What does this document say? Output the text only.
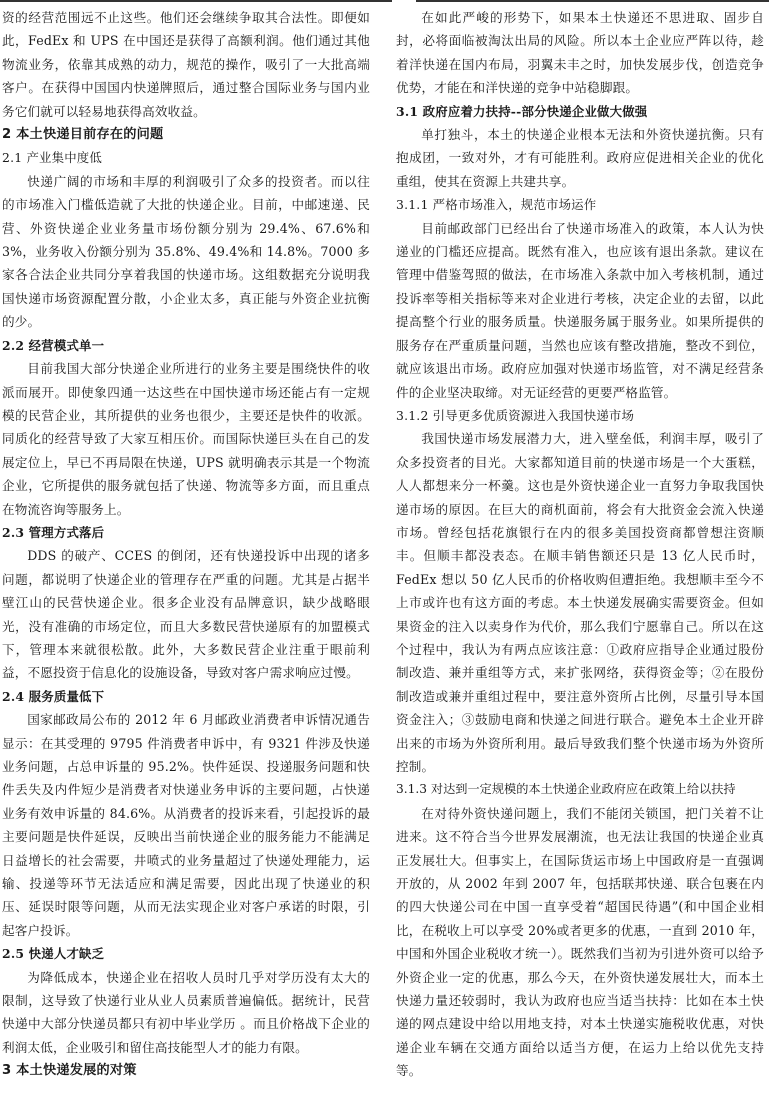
资的经营范围远不止这些。他们还会继续争取其合法性。即便如此，FedEx 和 UPS 在中国还是获得了高额利润。他们通过其他物流业务，依靠其成熟的动力，规范的操作，吸引了一大批高端客户。在获得中国国内快递牌照后，通过整合国际业务与国内业务它们就可以轻易地获得高效收益。

2 本土快递目前存在的问题

2.1 产业集中度低

快递广阔的市场和丰厚的利润吸引了众多的投资者。而以往的市场准入门槛低造就了大批的快递企业。目前，中邮速递、民营、外资快递企业业务量市场份额分别为 29.4%、67.6%和 3%，业务收入份额分别为 35.8%、49.4%和 14.8%。7000 多家各合法企业共同分享着我国的快递市场。这组数据充分说明我国快递市场资源配置分散，小企业太多，真正能与外资企业抗衡的少。

2.2 经营模式单一

目前我国大部分快递企业所进行的业务主要是围绕快件的收派而展开。即使象四通一达这些在中国快递市场还能占有一定规模的民营企业，其所提供的业务也很少，主要还是快件的收派。同质化的经营导致了大家互相压价。而国际快递巨头在自己的发展定位上，早已不再局限在快递，UPS 就明确表示其是一个物流企业，它所提供的服务就包括了快递、物流等多方面，而且重点在物流咨询等服务上。

2.3 管理方式落后

DDS 的破产、CCES 的倒闭，还有快递投诉中出现的诸多问题，都说明了快递企业的管理存在严重的问题。尤其是占据半壁江山的民营快递企业。很多企业没有品牌意识，缺少战略眼光，没有准确的市场定位，而且大多数民营快递原有的加盟模式下，管理本来就很松散。此外，大多数民营企业注重于眼前利益，不愿投资于信息化的设施设备，导致对客户需求响应过慢。

2.4 服务质量低下

国家邮政局公布的 2012 年 6 月邮政业消费者申诉情况通告显示：在其受理的 9795 件消费者申诉中，有 9321 件涉及快递业务问题，占总申诉量的 95.2%。快件延误、投递服务问题和快件丢失及内件短少是消费者对快递业务申诉的主要问题，占快递业务有效申诉量的 84.6%。从消费者的投诉来看，引起投诉的最主要问题是快件延误，反映出当前快递企业的服务能力不能满足日益增长的社会需要，井喷式的业务量超过了快递处理能力，运输、投递等环节无法适应和满足需要，因此出现了快递业的积压、延误时限等问题，从而无法实现企业对客户承诺的时限，引起客户投诉。

2.5 快递人才缺乏

为降低成本，快递企业在招收人员时几乎对学历没有太大的限制，这导致了快递行业从业人员素质普遍偏低。据统计，民营快递中大部分快递员都只有初中毕业学历 。而且价格战下企业的利润太低，企业吸引和留住高技能型人才的能力有限。

3 本土快递发展的对策

在如此严峻的形势下，如果本土快递还不思进取、固步自封，必将面临被淘汰出局的风险。所以本土企业应严阵以待，趁着洋快递在国内布局，羽翼未丰之时，加快发展步伐，创造竞争优势，才能在和洋快递的竞争中站稳脚跟。

3.1 政府应着力扶持--部分快递企业做大做强

单打独斗，本土的快递企业根本无法和外资快递抗衡。只有抱成团，一致对外，才有可能胜利。政府应促进相关企业的优化重组，使其在资源上共建共享。

3.1.1 严格市场准入，规范市场运作

目前邮政部门已经出台了快递市场准入的政策，本人认为快递业的门槛还应提高。既然有准入，也应该有退出条款。建议在管理中借鉴驾照的做法，在市场准入条款中加入考核机制，通过投诉率等相关指标等来对企业进行考核，决定企业的去留，以此提高整个行业的服务质量。快递服务属于服务业。如果所提供的服务存在严重质量问题，当然也应该有整改措施，整改不到位，就应该退出市场。政府应加强对快递市场监管，对不满足经营条件的企业坚决取缔。对无证经营的更要严格监管。

3.1.2 引导更多优质资源进入我国快递市场

我国快递市场发展潜力大，进入壁垒低，利润丰厚，吸引了众多投资者的目光。大家都知道目前的快递市场是一个大蛋糕，人人都想来分一杯羹。这也是外资快递企业一直努力争取我国快递市场的原因。在巨大的商机面前，将会有大批资金会流入快递市场。曾经包括花旗银行在内的很多美国投资商都曾想注资顺丰。但顺丰都没表态。在顺丰销售额还只是 13 亿人民币时，FedEx 想以 50 亿人民币的价格收购但遭拒绝。我想顺丰至今不上市或许也有这方面的考虑。本土快递发展确实需要资金。但如果资金的注入以卖身作为代价，那么我们宁愿靠自己。所以在这个过程中，我认为有两点应该注意：①政府应指导企业通过股份制改造、兼并重组等方式，来扩张网络，获得资金等；②在股份制改造或兼并重组过程中，要注意外资所占比例，尽量引导本国资金注入；③鼓励电商和快递之间进行联合。避免本土企业开辟出来的市场为外资所利用。最后导致我们整个快递市场为外资所控制。

3.1.3 对达到一定规模的本土快递企业政府应在政策上给以扶持

在对待外资快递问题上，我们不能闭关锁国，把门关着不让进来。这不符合当今世界发展潮流，也无法让我国的快递企业真正发展壮大。但事实上，在国际货运市场上中国政府是一直强调开放的，从 2002 年到 2007 年，包括联邦快递、联合包裹在内的四大快递公司在中国一直享受着“超国民待遇”(和中国企业相比，在税收上可以享受 20%或者更多的优惠，一直到 2010 年，中国和外国企业税收才统一）。既然我们当初为引进外资可以给予外资企业一定的优惠，那么今天，在外资快递发展壮大，而本土快递力量还较弱时，我认为政府也应当适当扶持：比如在本土快递的网点建设中给以用地支持，对本土快递实施税收优惠，对快递企业车辆在交通方面给以适当方便，在运力上给以优先支持等。
